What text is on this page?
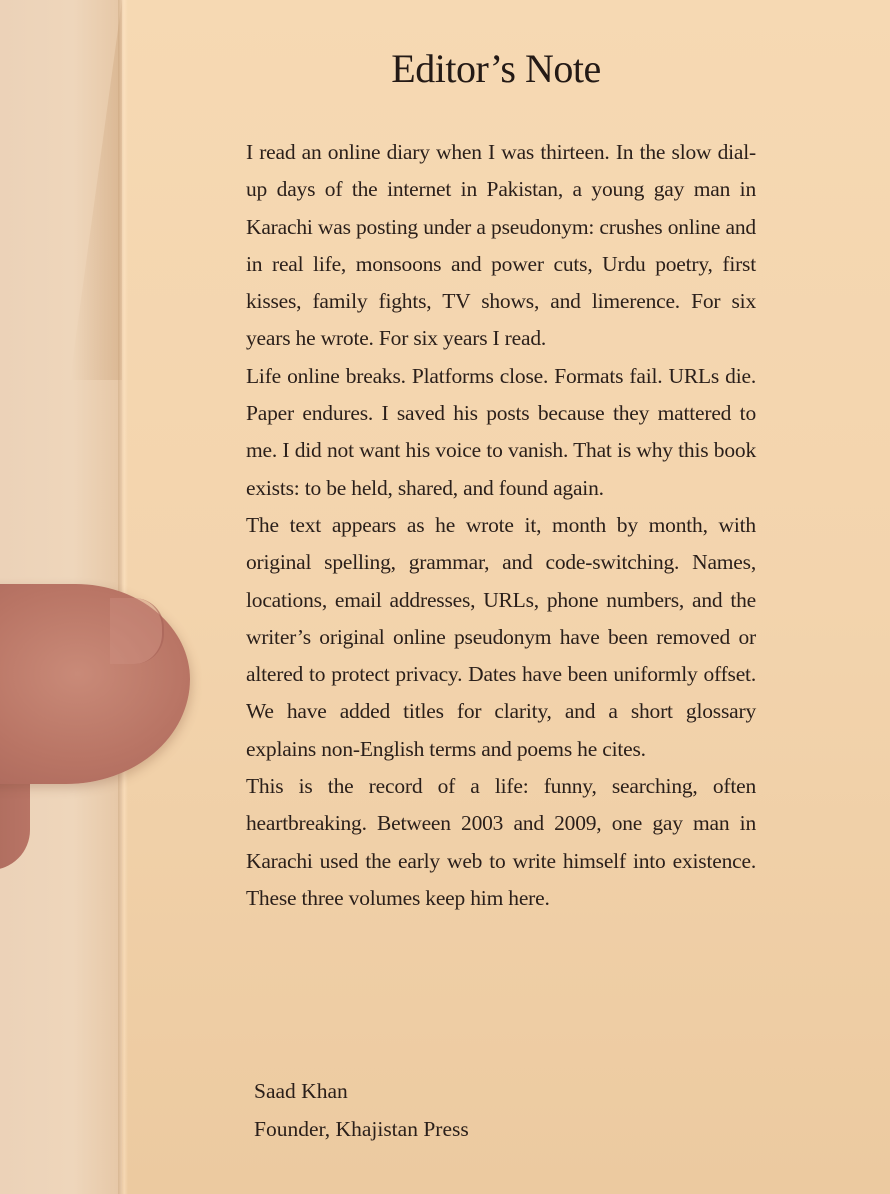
Editor’s Note

I read an online diary when I was thirteen. In the slow dial-up days of the internet in Pakistan, a young gay man in Karachi was posting under a pseudonym: crushes online and in real life, monsoons and power cuts, Urdu poetry, first kisses, family fights, TV shows, and limerence. For six years he wrote. For six years I read.

Life online breaks. Platforms close. Formats fail. URLs die. Paper endures. I saved his posts because they mattered to me. I did not want his voice to vanish. That is why this book exists: to be held, shared, and found again.

The text appears as he wrote it, month by month, with original spelling, grammar, and code-switching. Names, locations, email addresses, URLs, phone numbers, and the writer’s original online pseudonym have been removed or altered to protect privacy. Dates have been uniformly offset. We have added titles for clarity, and a short glossary explains non-English terms and poems he cites.

This is the record of a life: funny, searching, often heartbreaking. Between 2003 and 2009, one gay man in Karachi used the early web to write himself into existence. These three volumes keep him here.

Saad Khan
Founder, Khajistan Press
